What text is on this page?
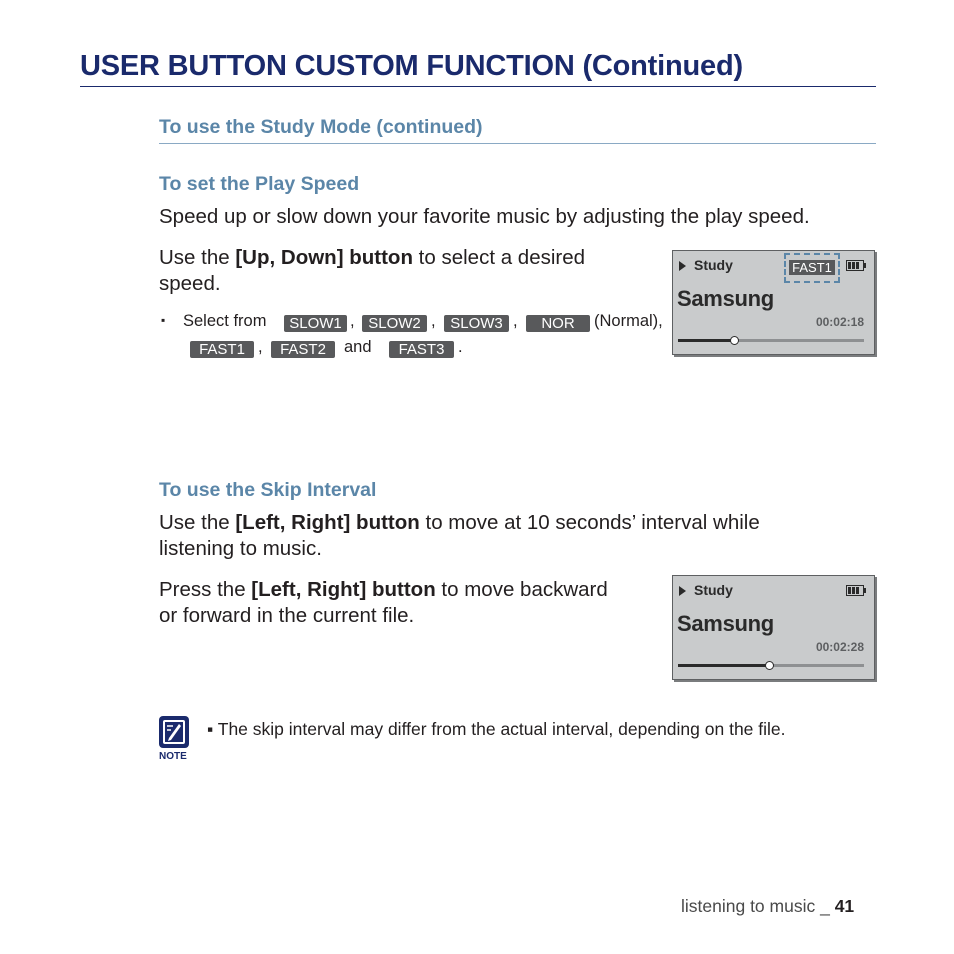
USER BUTTON CUSTOM FUNCTION (Continued)
To use the Study Mode (continued)
To set the Play Speed
Speed up or slow down your favorite music by adjusting the play speed.
Use the [Up, Down] button to select a desired
speed.
▪ Select from	SLOW1 , SLOW2 , SLOW3 ,	NOR	(Normal),
FAST1 ,	FAST2	and	FAST3 .
Study	FAST1
Samsung
00:02:18
To use the Skip Interval
Use the [Left, Right] button to move at 10 seconds’ interval while
listening to music.
Press the [Left, Right] button to move backward
or forward in the current file.
Study
Samsung
00:02:28
NOTE
▪ The skip interval may differ from the actual interval, depending on the file.
listening to music _ 41
